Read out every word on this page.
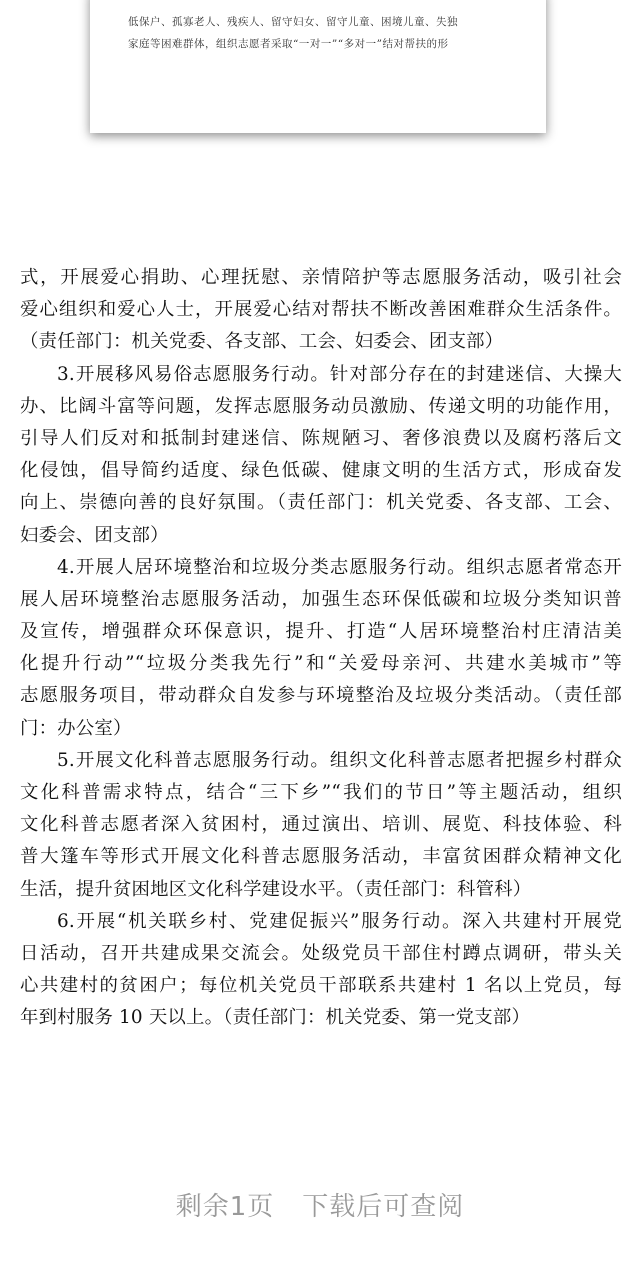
低保户、孤寡老人、残疾人、留守妇女、留守儿童、困境儿童、失独
家庭等困难群体，组织志愿者采取“一对一”“多对一”结对帮扶的形
式，开展爱心捐助、心理抚慰、亲情陪护等志愿服务活动，吸引社会
爱心组织和爱心人士，开展爱心结对帮扶不断改善困难群众生活条件。
（责任部门：机关党委、各支部、工会、妇委会、团支部）
3.开展移风易俗志愿服务行动。针对部分存在的封建迷信、大操大
办、比阔斗富等问题，发挥志愿服务动员激励、传递文明的功能作用，
引导人们反对和抵制封建迷信、陈规陋习、奢侈浪费以及腐朽落后文
化侵蚀，倡导简约适度、绿色低碳、健康文明的生活方式，形成奋发
向上、崇德向善的良好氛围。（责任部门：机关党委、各支部、工会、
妇委会、团支部）
4.开展人居环境整治和垃圾分类志愿服务行动。组织志愿者常态开
展人居环境整治志愿服务活动，加强生态环保低碳和垃圾分类知识普
及宣传，增强群众环保意识，提升、打造“人居环境整治村庄清洁美
化提升行动”“垃圾分类我先行”和“关爱母亲河、共建水美城市”等
志愿服务项目，带动群众自发参与环境整治及垃圾分类活动。（责任部
门：办公室）
5.开展文化科普志愿服务行动。组织文化科普志愿者把握乡村群众
文化科普需求特点，结合“三下乡”“我们的节日”等主题活动，组织
文化科普志愿者深入贫困村，通过演出、培训、展览、科技体验、科
普大篷车等形式开展文化科普志愿服务活动，丰富贫困群众精神文化
生活，提升贫困地区文化科学建设水平。（责任部门：科管科）
6.开展“机关联乡村、党建促振兴”服务行动。深入共建村开展党
日活动，召开共建成果交流会。处级党员干部住村蹲点调研，带头关
心共建村的贫困户；每位机关党员干部联系共建村 1 名以上党员，每
年到村服务 10 天以上。（责任部门：机关党委、第一党支部）
剩余1页 下载后可查阅
